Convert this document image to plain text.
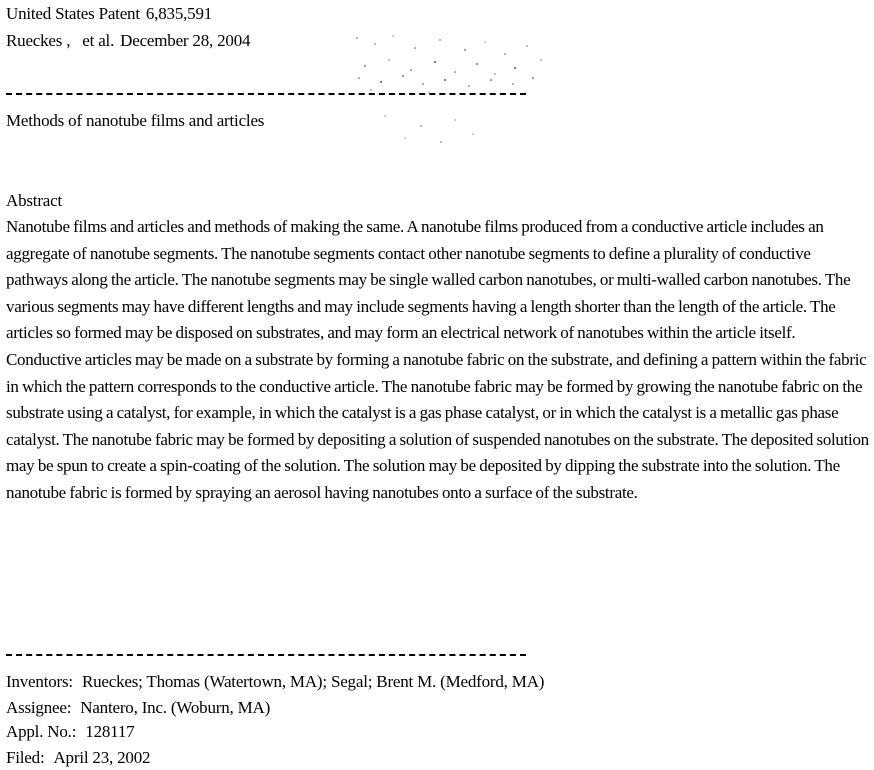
United States Patent 6,835,591
Rueckes , et al. December 28, 2004
Methods of nanotube films and articles
Abstract

Nanotube films and articles and methods of making the same. A nanotube films produced from a conductive article includes an aggregate of nanotube segments. The nanotube segments contact other nanotube segments to define a plurality of conductive pathways along the article. The nanotube segments may be single walled carbon nanotubes, or multi-walled carbon nanotubes. The various segments may have different lengths and may include segments having a length shorter than the length of the article. The articles so formed may be disposed on substrates, and may form an electrical network of nanotubes within the article itself. Conductive articles may be made on a substrate by forming a nanotube fabric on the substrate, and defining a pattern within the fabric in which the pattern corresponds to the conductive article. The nanotube fabric may be formed by growing the nanotube fabric on the substrate using a catalyst, for example, in which the catalyst is a gas phase catalyst, or in which the catalyst is a metallic gas phase catalyst. The nanotube fabric may be formed by depositing a solution of suspended nanotubes on the substrate. The deposited solution may be spun to create a spin-coating of the solution. The solution may be deposited by dipping the substrate into the solution. The nanotube fabric is formed by spraying an aerosol having nanotubes onto a surface of the substrate.

Inventors: Rueckes; Thomas (Watertown, MA); Segal; Brent M. (Medford, MA)
Assignee: Nantero, Inc. (Woburn, MA)
Appl. No.: 128117
Filed: April 23, 2002
